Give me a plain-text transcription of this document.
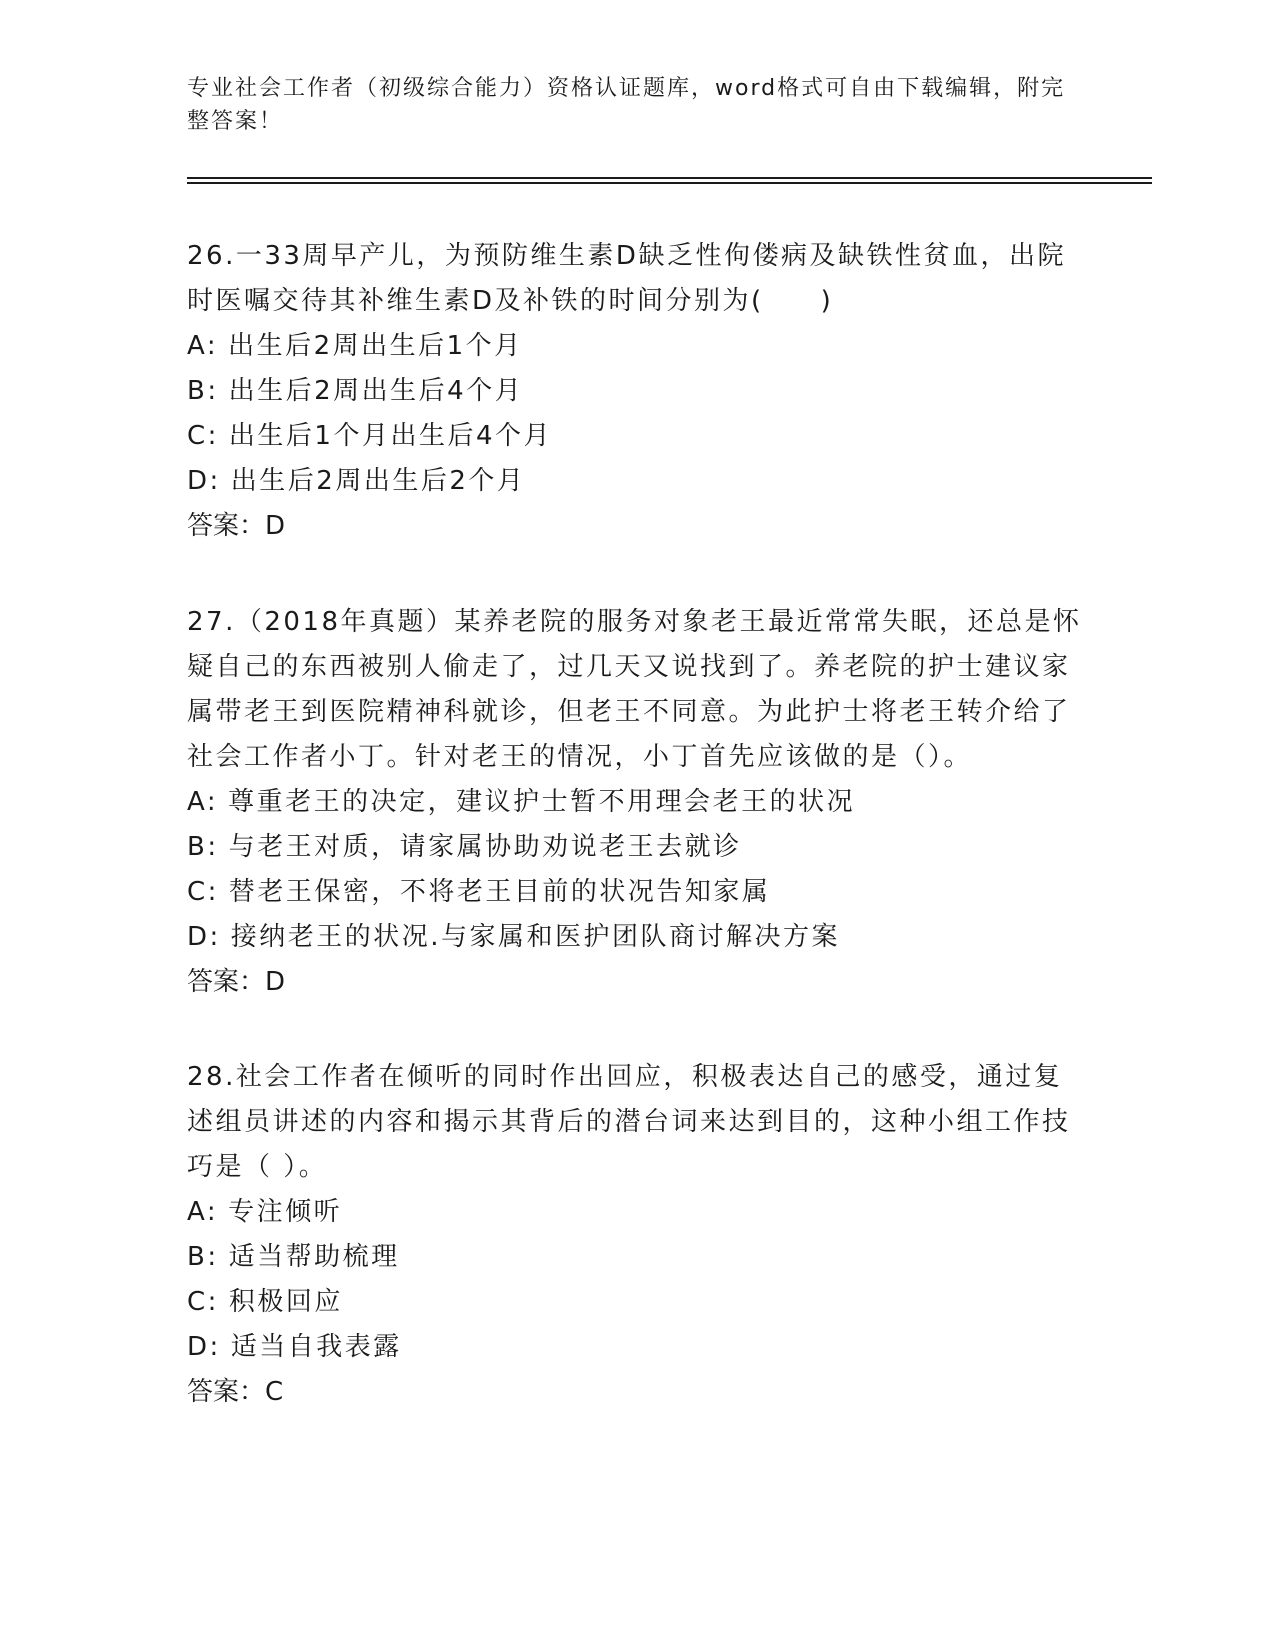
专业社会工作者（初级综合能力）资格认证题库，word格式可自由下载编辑，附完整答案！

26.一33周早产儿，为预防维生素D缺乏性佝偻病及缺铁性贫血，出院时医嘱交待其补维生素D及补铁的时间分别为(　　)

A: 出生后2周出生后1个月

B: 出生后2周出生后4个月

C: 出生后1个月出生后4个月

D: 出生后2周出生后2个月

答案：D

27.（2018年真题）某养老院的服务对象老王最近常常失眠，还总是怀疑自己的东西被别人偷走了，过几天又说找到了。养老院的护士建议家属带老王到医院精神科就诊，但老王不同意。为此护士将老王转介给了社会工作者小丁。针对老王的情况，小丁首先应该做的是（）。

A: 尊重老王的决定，建议护士暂不用理会老王的状况

B: 与老王对质，请家属协助劝说老王去就诊

C: 替老王保密，不将老王目前的状况告知家属

D: 接纳老王的状况.与家属和医护团队商讨解决方案

答案：D

28.社会工作者在倾听的同时作出回应，积极表达自己的感受，通过复述组员讲述的内容和揭示其背后的潜台词来达到目的，这种小组工作技巧是（ ）。

A: 专注倾听

B: 适当帮助梳理

C: 积极回应

D: 适当自我表露

答案：C
